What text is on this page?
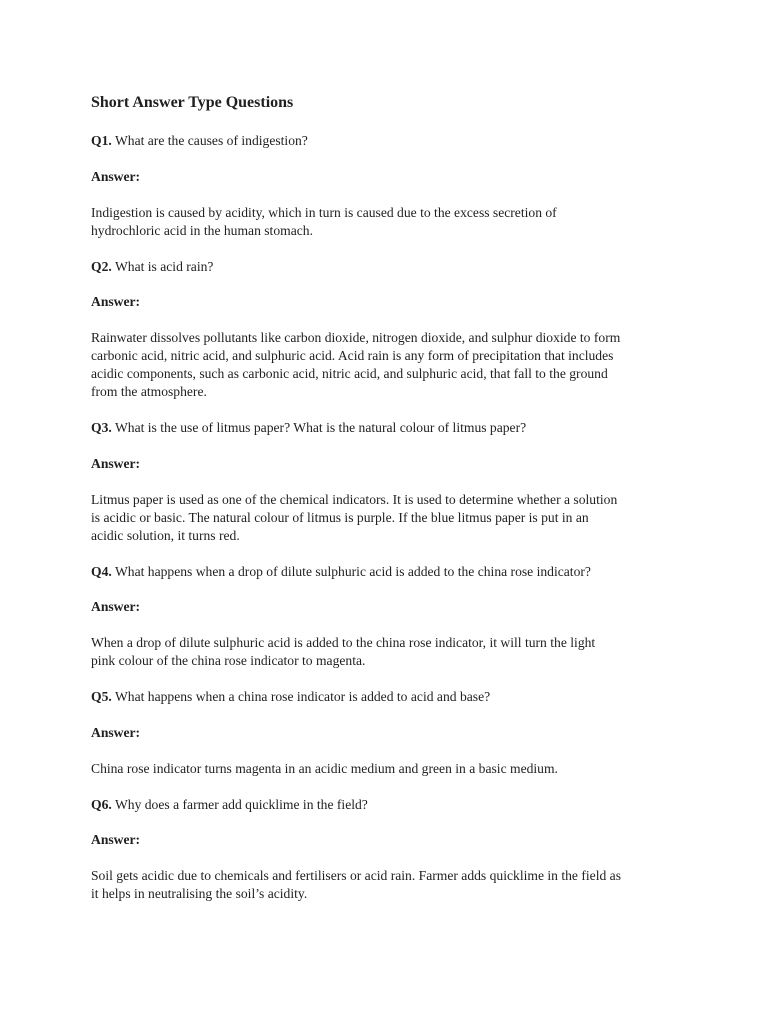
Short Answer Type Questions

Q1. What are the causes of indigestion?

Answer:

Indigestion is caused by acidity, which in turn is caused due to the excess secretion of
hydrochloric acid in the human stomach.

Q2. What is acid rain?

Answer:

Rainwater dissolves pollutants like carbon dioxide, nitrogen dioxide, and sulphur dioxide to form
carbonic acid, nitric acid, and sulphuric acid. Acid rain is any form of precipitation that includes
acidic components, such as carbonic acid, nitric acid, and sulphuric acid, that fall to the ground
from the atmosphere.

Q3. What is the use of litmus paper? What is the natural colour of litmus paper?

Answer:

Litmus paper is used as one of the chemical indicators. It is used to determine whether a solution
is acidic or basic. The natural colour of litmus is purple. If the blue litmus paper is put in an
acidic solution, it turns red.

Q4. What happens when a drop of dilute sulphuric acid is added to the china rose indicator?

Answer:

When a drop of dilute sulphuric acid is added to the china rose indicator, it will turn the light
pink colour of the china rose indicator to magenta.

Q5. What happens when a china rose indicator is added to acid and base?

Answer:

China rose indicator turns magenta in an acidic medium and green in a basic medium.

Q6. Why does a farmer add quicklime in the field?

Answer:

Soil gets acidic due to chemicals and fertilisers or acid rain. Farmer adds quicklime in the field as
it helps in neutralising the soil’s acidity.
